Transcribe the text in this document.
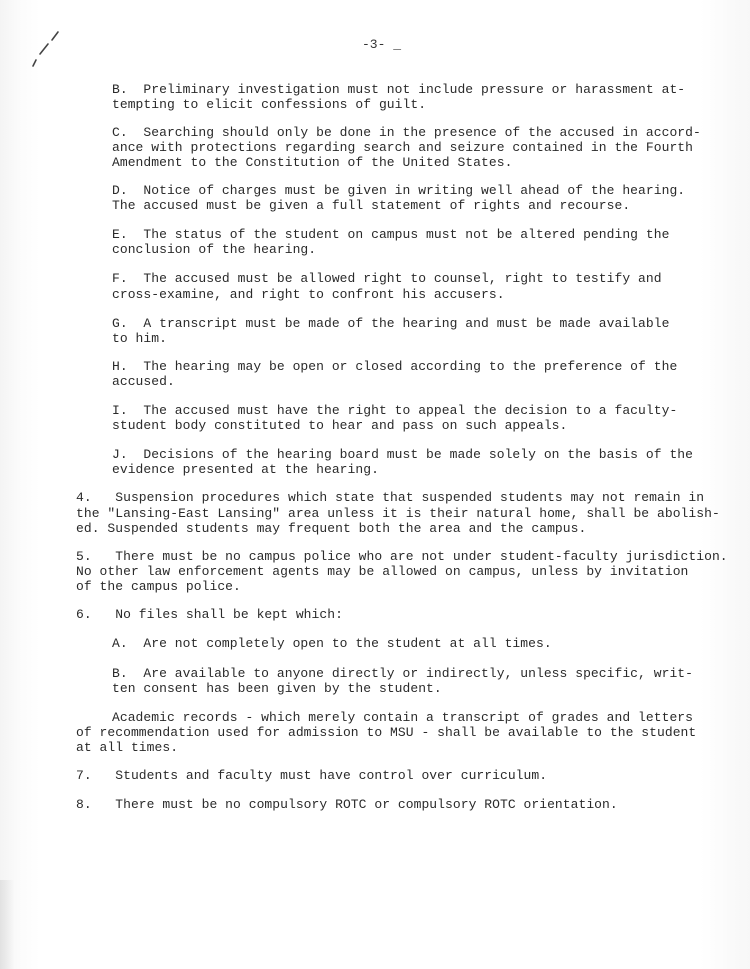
-3- _
B.  Preliminary investigation must not include pressure or harassment at-
tempting to elicit confessions of guilt.
C.  Searching should only be done in the presence of the accused in accord-
ance with protections regarding search and seizure contained in the Fourth
Amendment to the Constitution of the United States.
D.  Notice of charges must be given in writing well ahead of the hearing.
The accused must be given a full statement of rights and recourse.
E.  The status of the student on campus must not be altered pending the
conclusion of the hearing.
F.  The accused must be allowed right to counsel, right to testify and
cross-examine, and right to confront his accusers.
G.  A transcript must be made of the hearing and must be made available
to him.
H.  The hearing may be open or closed according to the preference of the
accused.
I.  The accused must have the right to appeal the decision to a faculty-
student body constituted to hear and pass on such appeals.
J.  Decisions of the hearing board must be made solely on the basis of the
evidence presented at the hearing.
4.   Suspension procedures which state that suspended students may not remain in
the "Lansing-East Lansing" area unless it is their natural home, shall be abolish-
ed. Suspended students may frequent both the area and the campus.
5.   There must be no campus police who are not under student-faculty jurisdiction.
No other law enforcement agents may be allowed on campus, unless by invitation
of the campus police.
6.   No files shall be kept which:
A.  Are not completely open to the student at all times.
B.  Are available to anyone directly or indirectly, unless specific, writ-
ten consent has been given by the student.
Academic records - which merely contain a transcript of grades and letters
of recommendation used for admission to MSU - shall be available to the student
at all times.
7.   Students and faculty must have control over curriculum.
8.   There must be no compulsory ROTC or compulsory ROTC orientation.
